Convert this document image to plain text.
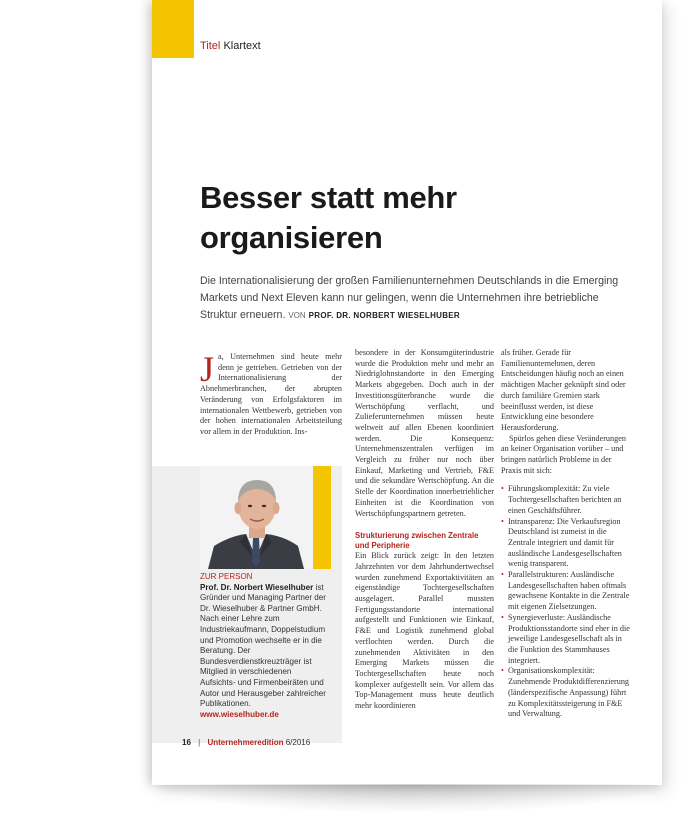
Titel Klartext
Besser statt mehr organisieren
Die Internationalisierung der großen Familienunternehmen Deutschlands in die Emerging Markets und Next Eleven kann nur gelingen, wenn die Unternehmen ihre betriebliche Struktur erneuern. VON PROF. DR. NORBERT WIESELHUBER
J a, Unternehmen sind heute mehr denn je getrieben. Getrieben von der Internationalisierung der Abnehmerbranchen, der abrupten Veränderung von Erfolgsfaktoren im internationalen Wettbewerb, getrieben von der hohen internationalen Arbeitsteilung vor allem in der Produktion. Ins-
ZUR PERSON
Prof. Dr. Norbert Wieselhuber ist Gründer und Managing Partner der Dr. Wieselhuber & Partner GmbH. Nach einer Lehre zum Industriekaufmann, Doppelstudium und Promotion wechselte er in die Beratung. Der Bundesverdienstkreuzträger ist Mitglied in verschiedenen Aufsichts- und Firmenbeiräten und Autor und Herausgeber zahlreicher Publikationen.
www.wieselhuber.de
besondere in der Konsumgüterindustrie wurde die Produktion mehr und mehr an Niedriglohnstandorte in den Emerging Markets abgegeben. Doch auch in der Investitionsgüterbranche wurde die Wertschöpfung verflacht, und Zulieferunternehmen müssen heute weltweit auf allen Ebenen koordiniert werden. Die Konsequenz: Unternehmenszentralen verfügen im Vergleich zu früher nur noch über Einkauf, Marketing und Vertrieb, F&E und die sekundäre Wertschöpfung. An die Stelle der Koordination innerbetrieblicher Einheiten ist die Koordination von Wertschöpfungspartnern getreten.
Strukturierung zwischen Zentrale und Peripherie
Ein Blick zurück zeigt: In den letzten Jahrzehnten vor dem Jahrhundertwechsel wurden zunehmend Exportaktivitäten an eigenständige Tochtergesellschaften ausgelagert. Parallel mussten Fertigungsstandorte international aufgestellt und Funktionen wie Einkauf, F&E und Logistik zunehmend global verflochten werden. Durch die zunehmenden Aktivitäten in den Emerging Markets müssen die Tochtergesellschaften heute noch komplexer aufgestellt sein. Vor allem das Top-Management muss heute deutlich mehr koordinieren

als früher. Gerade für Familienunternehmen, deren Entscheidungen häufig noch an einen mächtigen Macher geknüpft sind oder durch familiäre Gremien stark beeinflusst werden, ist diese Entwicklung eine besondere Herausforderung.

Spürlos gehen diese Veränderungen an keiner Organisation vorüber – und bringen natürlich Probleme in der Praxis mit sich:

• Führungskomplexität: Zu viele Tochtergesellschaften berichten an einen Geschäftsführer.
• Intransparenz: Die Verkaufsregion Deutschland ist zumeist in die Zentrale integriert und damit für ausländische Landesgesellschaften wenig transparent.
• Parallelstrukturen: Ausländische Landesgesellschaften haben oftmals gewachsene Kontakte in die Zentrale mit eigenen Zielsetzungen.
• Synergieverluste: Ausländische Produktionsstandorte sind eher in die jeweilige Landesgesellschaft als in die Funktion des Stammhauses integriert.
• Organisationskomplexität: Zunehmende Produktdifferenzierung (länderspezifische Anpassung) führt zu Komplexitätssteigerung in F&E und Verwaltung.
16 | Unternehmeredition 6/2016
